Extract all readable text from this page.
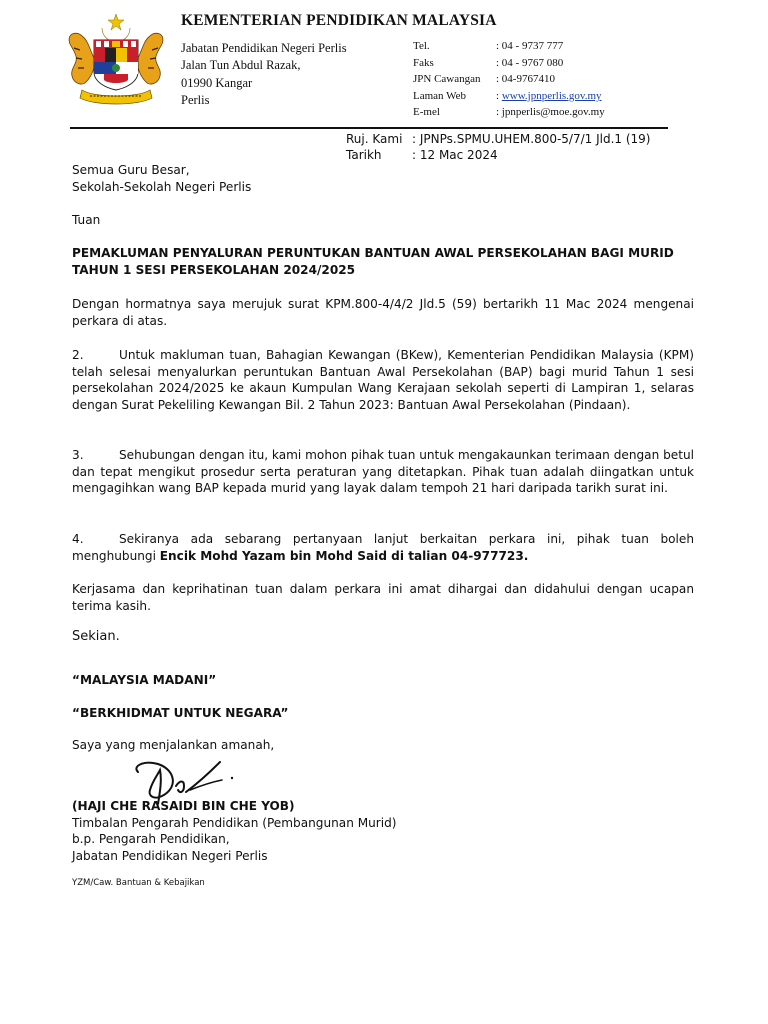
KEMENTERIAN PENDIDIKAN MALAYSIA
Jabatan Pendidikan Negeri Perlis
Jalan Tun Abdul Razak,
01990 Kangar
Perlis
Tel.	: 04 - 9737 777
Faks	: 04 - 9767 080
JPN Cawangan	: 04-9767410
Laman Web	: www.jpnperlis.gov.my
E-mel	: jpnperlis@moe.gov.my
Ruj. Kami : JPNPs.SPMU.UHEM.800-5/7/1 Jld.1 (19)
Tarikh	: 12 Mac 2024
Semua Guru Besar,
Sekolah-Sekolah Negeri Perlis
Tuan
PEMAKLUMAN PENYALURAN PERUNTUKAN BANTUAN AWAL PERSEKOLAHAN BAGI MURID
TAHUN 1 SESI PERSEKOLAHAN 2024/2025
Dengan hormatnya saya merujuk surat KPM.800-4/4/2 Jld.5 (59) bertarikh 11 Mac 2024 mengenai perkara di atas.
2.	Untuk makluman tuan, Bahagian Kewangan (BKew), Kementerian Pendidikan Malaysia (KPM) telah selesai menyalurkan peruntukan Bantuan Awal Persekolahan (BAP) bagi murid Tahun 1 sesi persekolahan 2024/2025 ke akaun Kumpulan Wang Kerajaan sekolah seperti di Lampiran 1, selaras dengan Surat Pekeliling Kewangan Bil. 2 Tahun 2023: Bantuan Awal Persekolahan (Pindaan).
3.	Sehubungan dengan itu, kami mohon pihak tuan untuk mengakaunkan terimaan dengan betul dan tepat mengikut prosedur serta peraturan yang ditetapkan. Pihak tuan adalah diingatkan untuk mengagihkan wang BAP kepada murid yang layak dalam tempoh 21 hari daripada tarikh surat ini.
4.	Sekiranya ada sebarang pertanyaan lanjut berkaitan perkara ini, pihak tuan boleh menghubungi Encik Mohd Yazam bin Mohd Said di talian 04-977723.
Kerjasama dan keprihatinan tuan dalam perkara ini amat dihargai dan didahului dengan ucapan terima kasih.
Sekian.
“MALAYSIA MADANI”
“BERKHIDMAT UNTUK NEGARA”
Saya yang menjalankan amanah,
(HAJI CHE RASAIDI BIN CHE YOB)
Timbalan Pengarah Pendidikan (Pembangunan Murid)
b.p. Pengarah Pendidikan,
Jabatan Pendidikan Negeri Perlis
YZM/Caw. Bantuan & Kebajikan
